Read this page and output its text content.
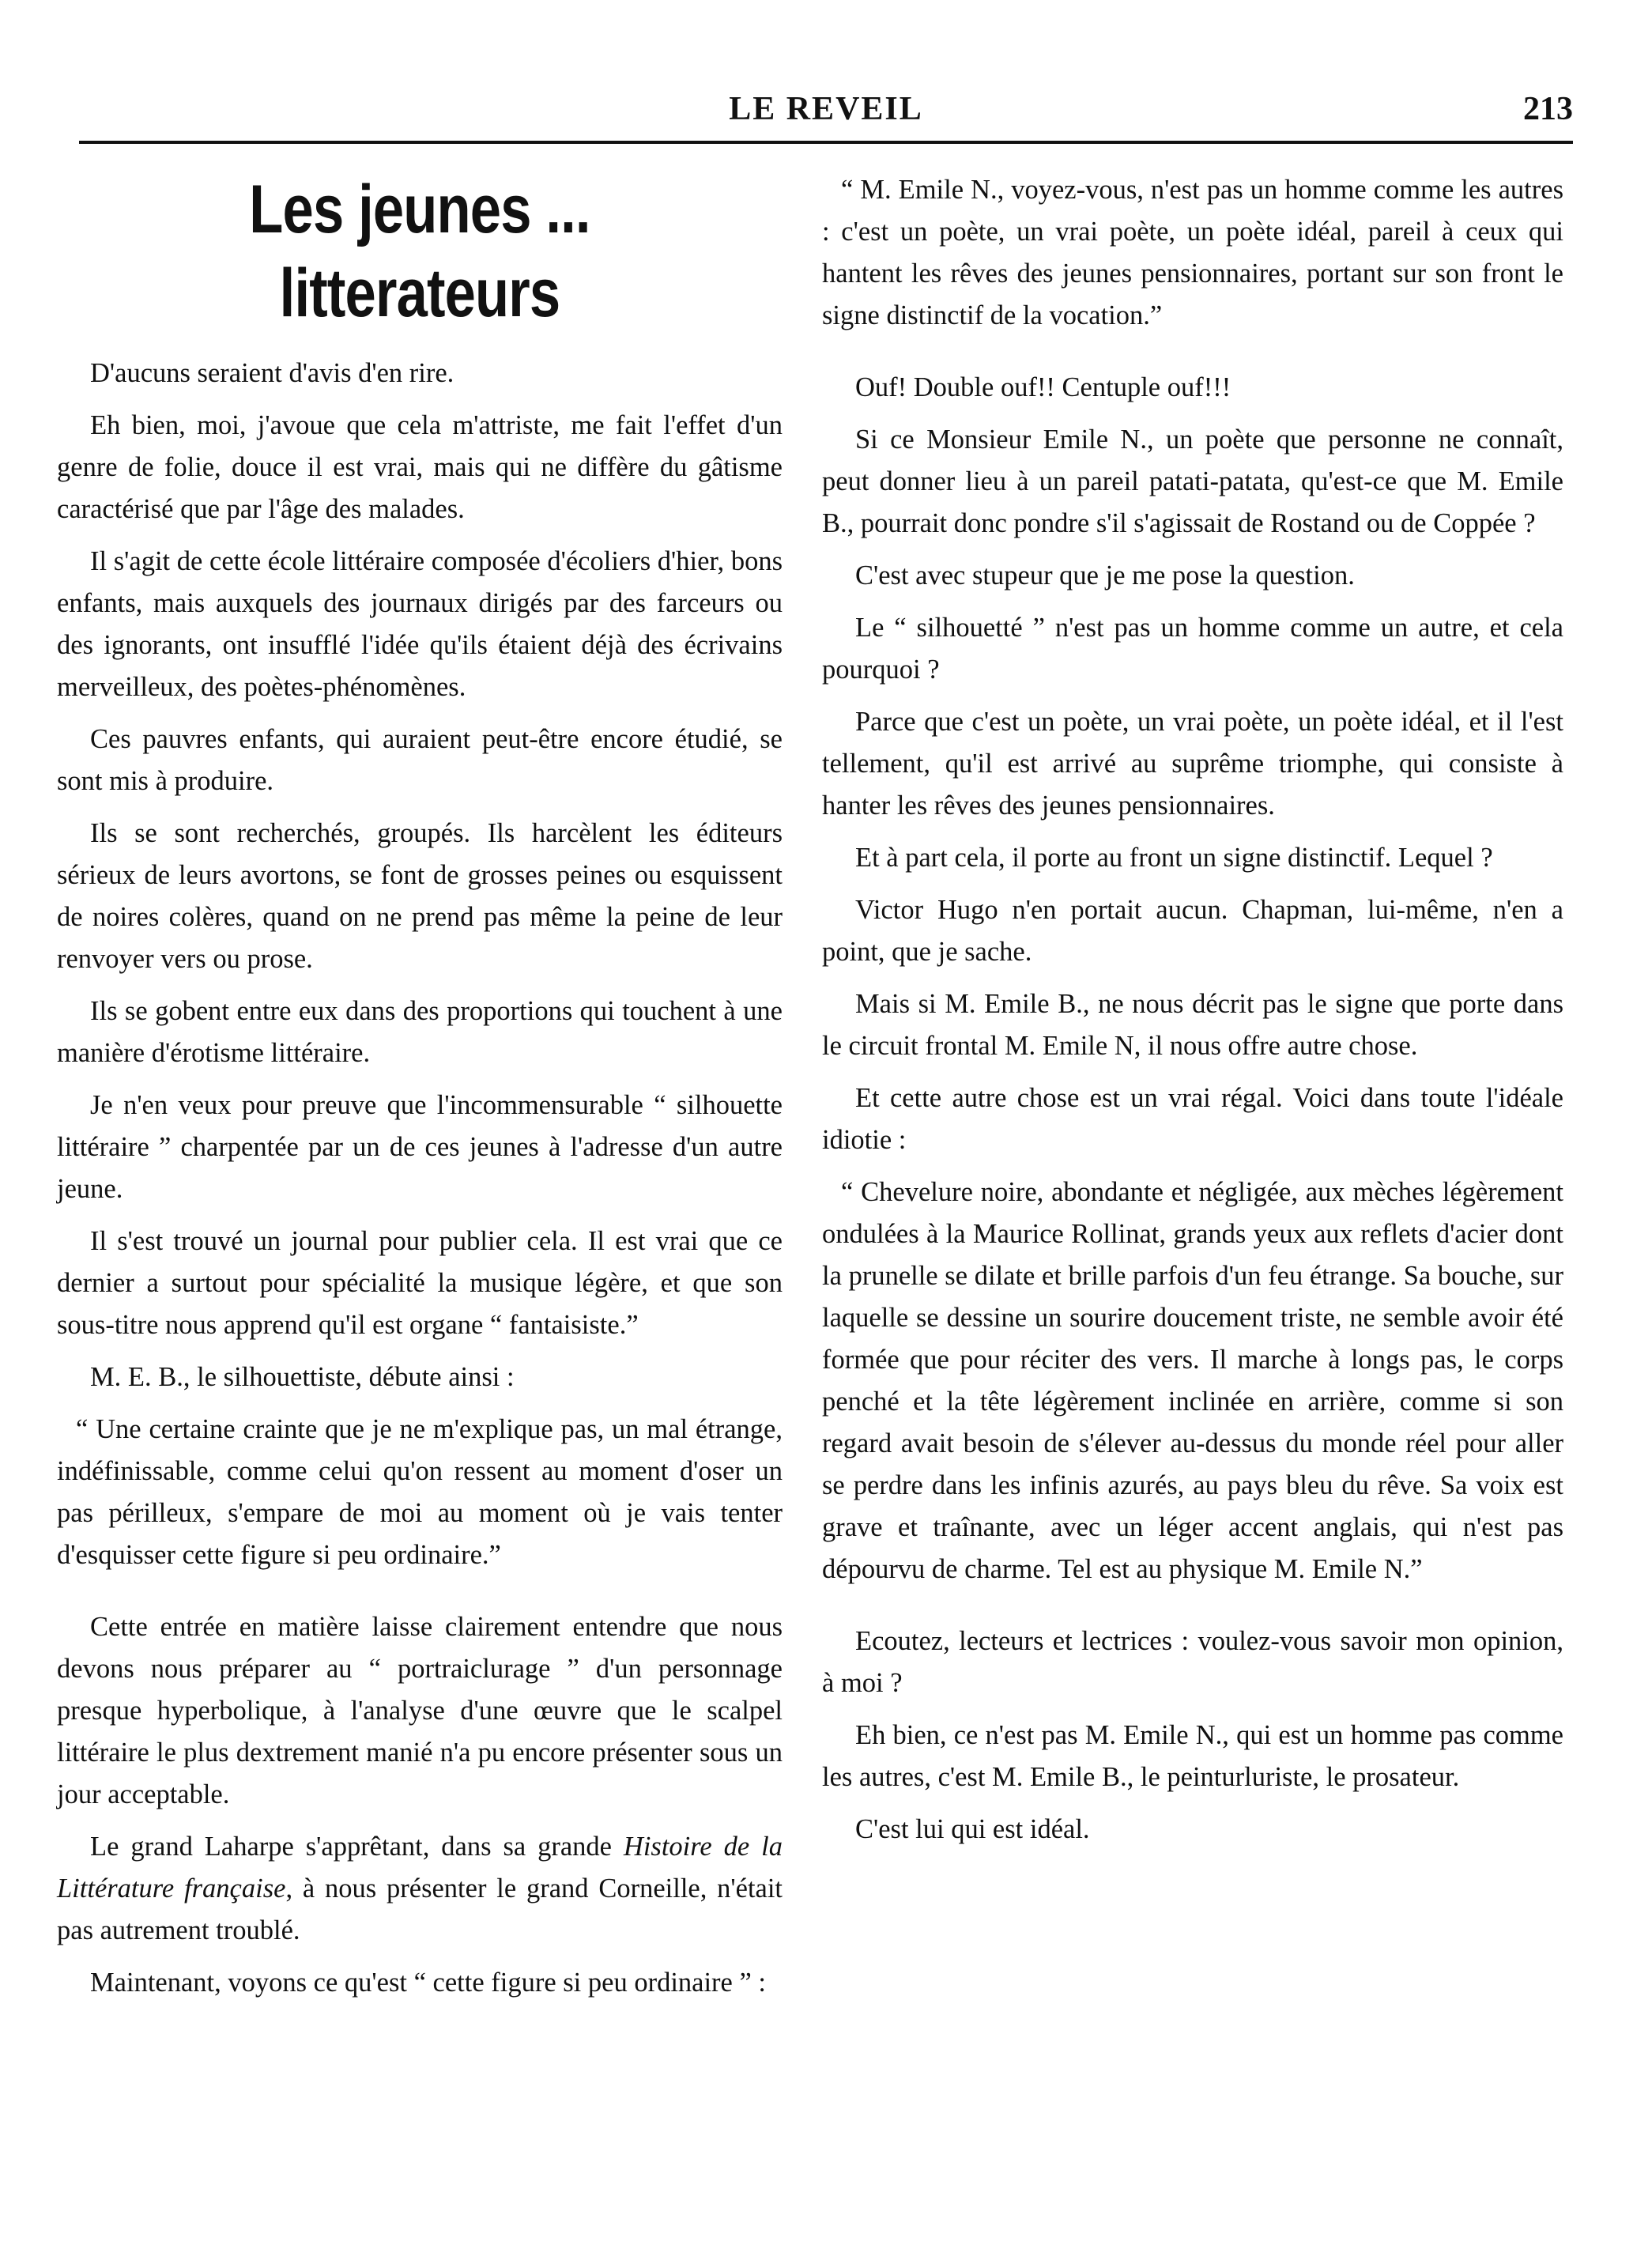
LE REVEIL	213
Les jeunes ... litterateurs

D'aucuns seraient d'avis d'en rire.

Eh bien, moi, j'avoue que cela m'attriste, me fait l'effet d'un genre de folie, douce il est vrai, mais qui ne diffère du gâtisme caractérisé que par l'âge des malades.

Il s'agit de cette école littéraire composée d'écoliers d'hier, bons enfants, mais auxquels des journaux dirigés par des farceurs ou des ignorants, ont insufflé l'idée qu'ils étaient déjà des écrivains merveilleux, des poètes-phénomènes.

Ces pauvres enfants, qui auraient peut-être encore étudié, se sont mis à produire.

Ils se sont recherchés, groupés. Ils harcèlent les éditeurs sérieux de leurs avortons, se font de grosses peines ou esquissent de noires colères, quand on ne prend pas même la peine de leur renvoyer vers ou prose.

Ils se gobent entre eux dans des proportions qui touchent à une manière d'érotisme littéraire.

Je n'en veux pour preuve que l'incommensurable “ silhouette littéraire ” charpentée par un de ces jeunes à l'adresse d'un autre jeune.

Il s'est trouvé un journal pour publier cela. Il est vrai que ce dernier a surtout pour spécialité la musique légère, et que son sous-titre nous apprend qu'il est organe “ fantaisiste.”

M. E. B., le silhouettiste, débute ainsi :

“ Une certaine crainte que je ne m'explique pas, un mal étrange, indéfinissable, comme celui qu'on ressent au moment d'oser un pas périlleux, s'empare de moi au moment où je vais tenter d'esquisser cette figure si peu ordinaire.”

Cette entrée en matière laisse clairement entendre que nous devons nous préparer au “ portraiclurage ” d'un personnage presque hyperbolique, à l'analyse d'une œuvre que le scalpel littéraire le plus dextrement manié n'a pu encore présenter sous un jour acceptable.

Le grand Laharpe s'apprêtant, dans sa grande Histoire de la Littérature française, à nous présenter le grand Corneille, n'était pas autrement troublé.

Maintenant, voyons ce qu'est “ cette figure si peu ordinaire ” :

“ M. Emile N., voyez-vous, n'est pas un homme comme les autres : c'est un poète, un vrai poète, un poète idéal, pareil à ceux qui hantent les rêves des jeunes pensionnaires, portant sur son front le signe distinctif de la vocation.”

Ouf! Double ouf!! Centuple ouf!!!

Si ce Monsieur Emile N., un poète que personne ne connaît, peut donner lieu à un pareil patati-patata, qu'est-ce que M. Emile B., pourrait donc pondre s'il s'agissait de Rostand ou de Coppée ?

C'est avec stupeur que je me pose la question.

Le “ silhouetté ” n'est pas un homme comme un autre, et cela pourquoi ?

Parce que c'est un poète, un vrai poète, un poète idéal, et il l'est tellement, qu'il est arrivé au suprême triomphe, qui consiste à hanter les rêves des jeunes pensionnaires.

Et à part cela, il porte au front un signe distinctif. Lequel ?

Victor Hugo n'en portait aucun. Chapman, lui-même, n'en a point, que je sache.

Mais si M. Emile B., ne nous décrit pas le signe que porte dans le circuit frontal M. Emile N, il nous offre autre chose.

Et cette autre chose est un vrai régal. Voici dans toute l'idéale idiotie :

“ Chevelure noire, abondante et négligée, aux mèches légèrement ondulées à la Maurice Rollinat, grands yeux aux reflets d'acier dont la prunelle se dilate et brille parfois d'un feu étrange. Sa bouche, sur laquelle se dessine un sourire doucement triste, ne semble avoir été formée que pour réciter des vers. Il marche à longs pas, le corps penché et la tête légèrement inclinée en arrière, comme si son regard avait besoin de s'élever au-dessus du monde réel pour aller se perdre dans les infinis azurés, au pays bleu du rêve. Sa voix est grave et traînante, avec un léger accent anglais, qui n'est pas dépourvu de charme. Tel est au physique M. Emile N.”

Ecoutez, lecteurs et lectrices : voulez-vous savoir mon opinion, à moi ?

Eh bien, ce n'est pas M. Emile N., qui est un homme pas comme les autres, c'est M. Emile B., le peinturluriste, le prosateur.

C'est lui qui est idéal.
